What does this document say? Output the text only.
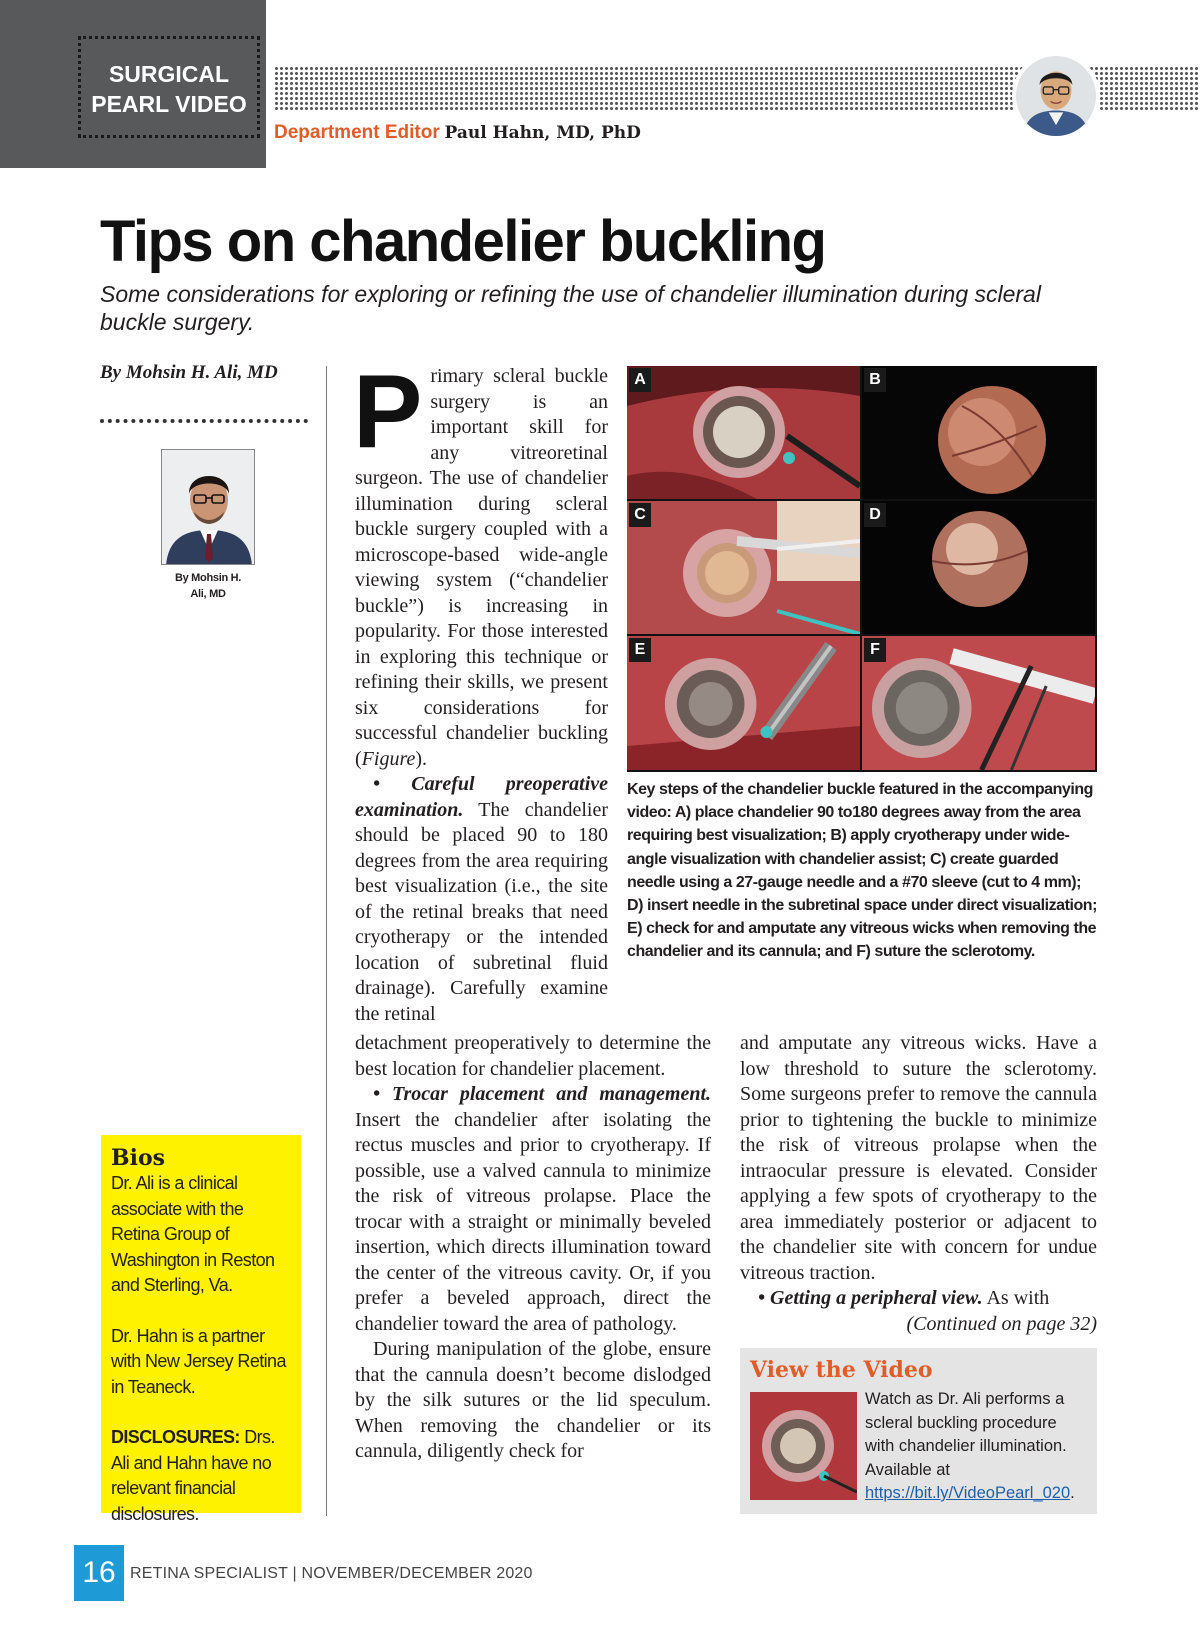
SURGICAL
PEARL VIDEO
Department Editor Paul Hahn, MD, PhD
Tips on chandelier buckling
Some considerations for exploring or refining the use of chandelier illumination during scleral buckle surgery.
By Mohsin H. Ali, MD
By Mohsin H.
Ali, MD
Bios

Dr. Ali is a clinical associate with the Retina Group of Washington in Reston and Sterling, Va.

Dr. Hahn is a partner with New Jersey Retina in Teaneck.

DISCLOSURES: Drs. Ali and Hahn have no relevant financial disclosures.

Primary scleral buckle surgery is an important skill for any vitreoretinal surgeon. The use of chandelier illumination during scleral buckle surgery coupled with a microscope-based wide-angle viewing system (“chandelier buckle”) is increasing in popularity. For those interested in exploring this technique or refining their skills, we present six considerations for successful chandelier buckling (Figure).

• Careful preoperative examination. The chandelier should be placed 90 to 180 degrees from the area requiring best visualization (i.e., the site of the retinal breaks that need cryotherapy or the intended location of subretinal fluid drainage). Carefully examine the retinal

detachment preoperatively to determine the best location for chandelier placement.

• Trocar placement and management. Insert the chandelier after isolating the rectus muscles and prior to cryotherapy. If possible, use a valved cannula to minimize the risk of vitreous prolapse. Place the trocar with a straight or minimally beveled insertion, which directs illumination toward the center of the vitreous cavity. Or, if you prefer a beveled approach, direct the chandelier toward the area of pathology.

During manipulation of the globe, ensure that the cannula doesn’t become dislodged by the silk sutures or the lid speculum. When removing the chandelier or its cannula, diligently check for

and amputate any vitreous wicks. Have a low threshold to suture the sclerotomy. Some surgeons prefer to remove the cannula prior to tightening the buckle to minimize the risk of vitreous prolapse when the intraocular pressure is elevated. Consider applying a few spots of cryotherapy to the area immediately posterior or adjacent to the chandelier site with concern for undue vitreous traction.

• Getting a peripheral view. As with

(Continued on page 32)

A	B
C	D
E	F
Key steps of the chandelier buckle featured in the accompanying video: A) place chandelier 90 to180 degrees away from the area requiring best visualization; B) apply cryotherapy under wide-angle visualization with chandelier assist; C) create guarded needle using a 27-gauge needle and a #70 sleeve (cut to 4 mm); D) insert needle in the subretinal space under direct visualization; E) check for and amputate any vitreous wicks when removing the chandelier and its cannula; and F) suture the sclerotomy.
View the Video
Watch as Dr. Ali performs a scleral buckling procedure with chandelier illumination. Available at https://bit.ly/VideoPearl_020.
16 RETINA SPECIALIST | NOVEMBER/DECEMBER 2020
